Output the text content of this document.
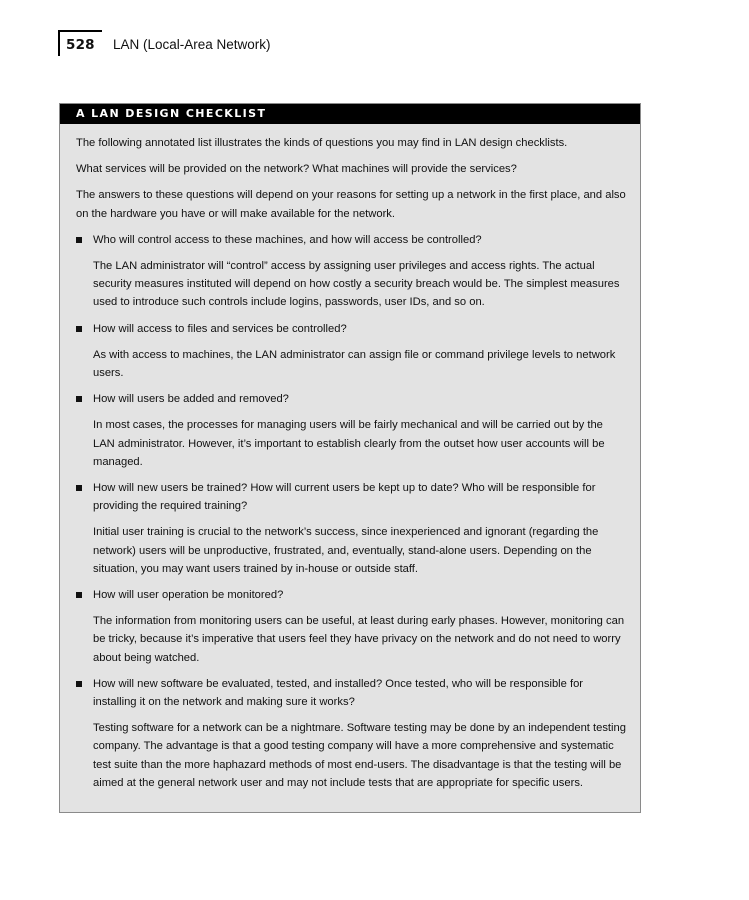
528 LAN (Local-Area Network)
A LAN DESIGN CHECKLIST

The following annotated list illustrates the kinds of questions you may find in LAN design checklists.

What services will be provided on the network? What machines will provide the services?

The answers to these questions will depend on your reasons for setting up a network in the first place, and also on the hardware you have or will make available for the network.

Who will control access to these machines, and how will access be controlled?

The LAN administrator will “control” access by assigning user privileges and access rights. The actual security measures instituted will depend on how costly a security breach would be. The simplest measures used to introduce such controls include logins, passwords, user IDs, and so on.

How will access to files and services be controlled?

As with access to machines, the LAN administrator can assign file or command privilege levels to network users.

How will users be added and removed?

In most cases, the processes for managing users will be fairly mechanical and will be carried out by the LAN administrator. However, it’s important to establish clearly from the outset how user accounts will be managed.

How will new users be trained? How will current users be kept up to date? Who will be responsible for providing the required training?

Initial user training is crucial to the network’s success, since inexperienced and ignorant (regarding the network) users will be unproductive, frustrated, and, eventually, stand-alone users. Depending on the situation, you may want users trained by in-house or outside staff.

How will user operation be monitored?

The information from monitoring users can be useful, at least during early phases. However, monitoring can be tricky, because it’s imperative that users feel they have privacy on the network and do not need to worry about being watched.

How will new software be evaluated, tested, and installed? Once tested, who will be responsible for installing it on the network and making sure it works?

Testing software for a network can be a nightmare. Software testing may be done by an independent testing company. The advantage is that a good testing company will have a more comprehensive and systematic test suite than the more haphazard methods of most end-users. The disadvantage is that the testing will be aimed at the general network user and may not include tests that are appropriate for specific users.
